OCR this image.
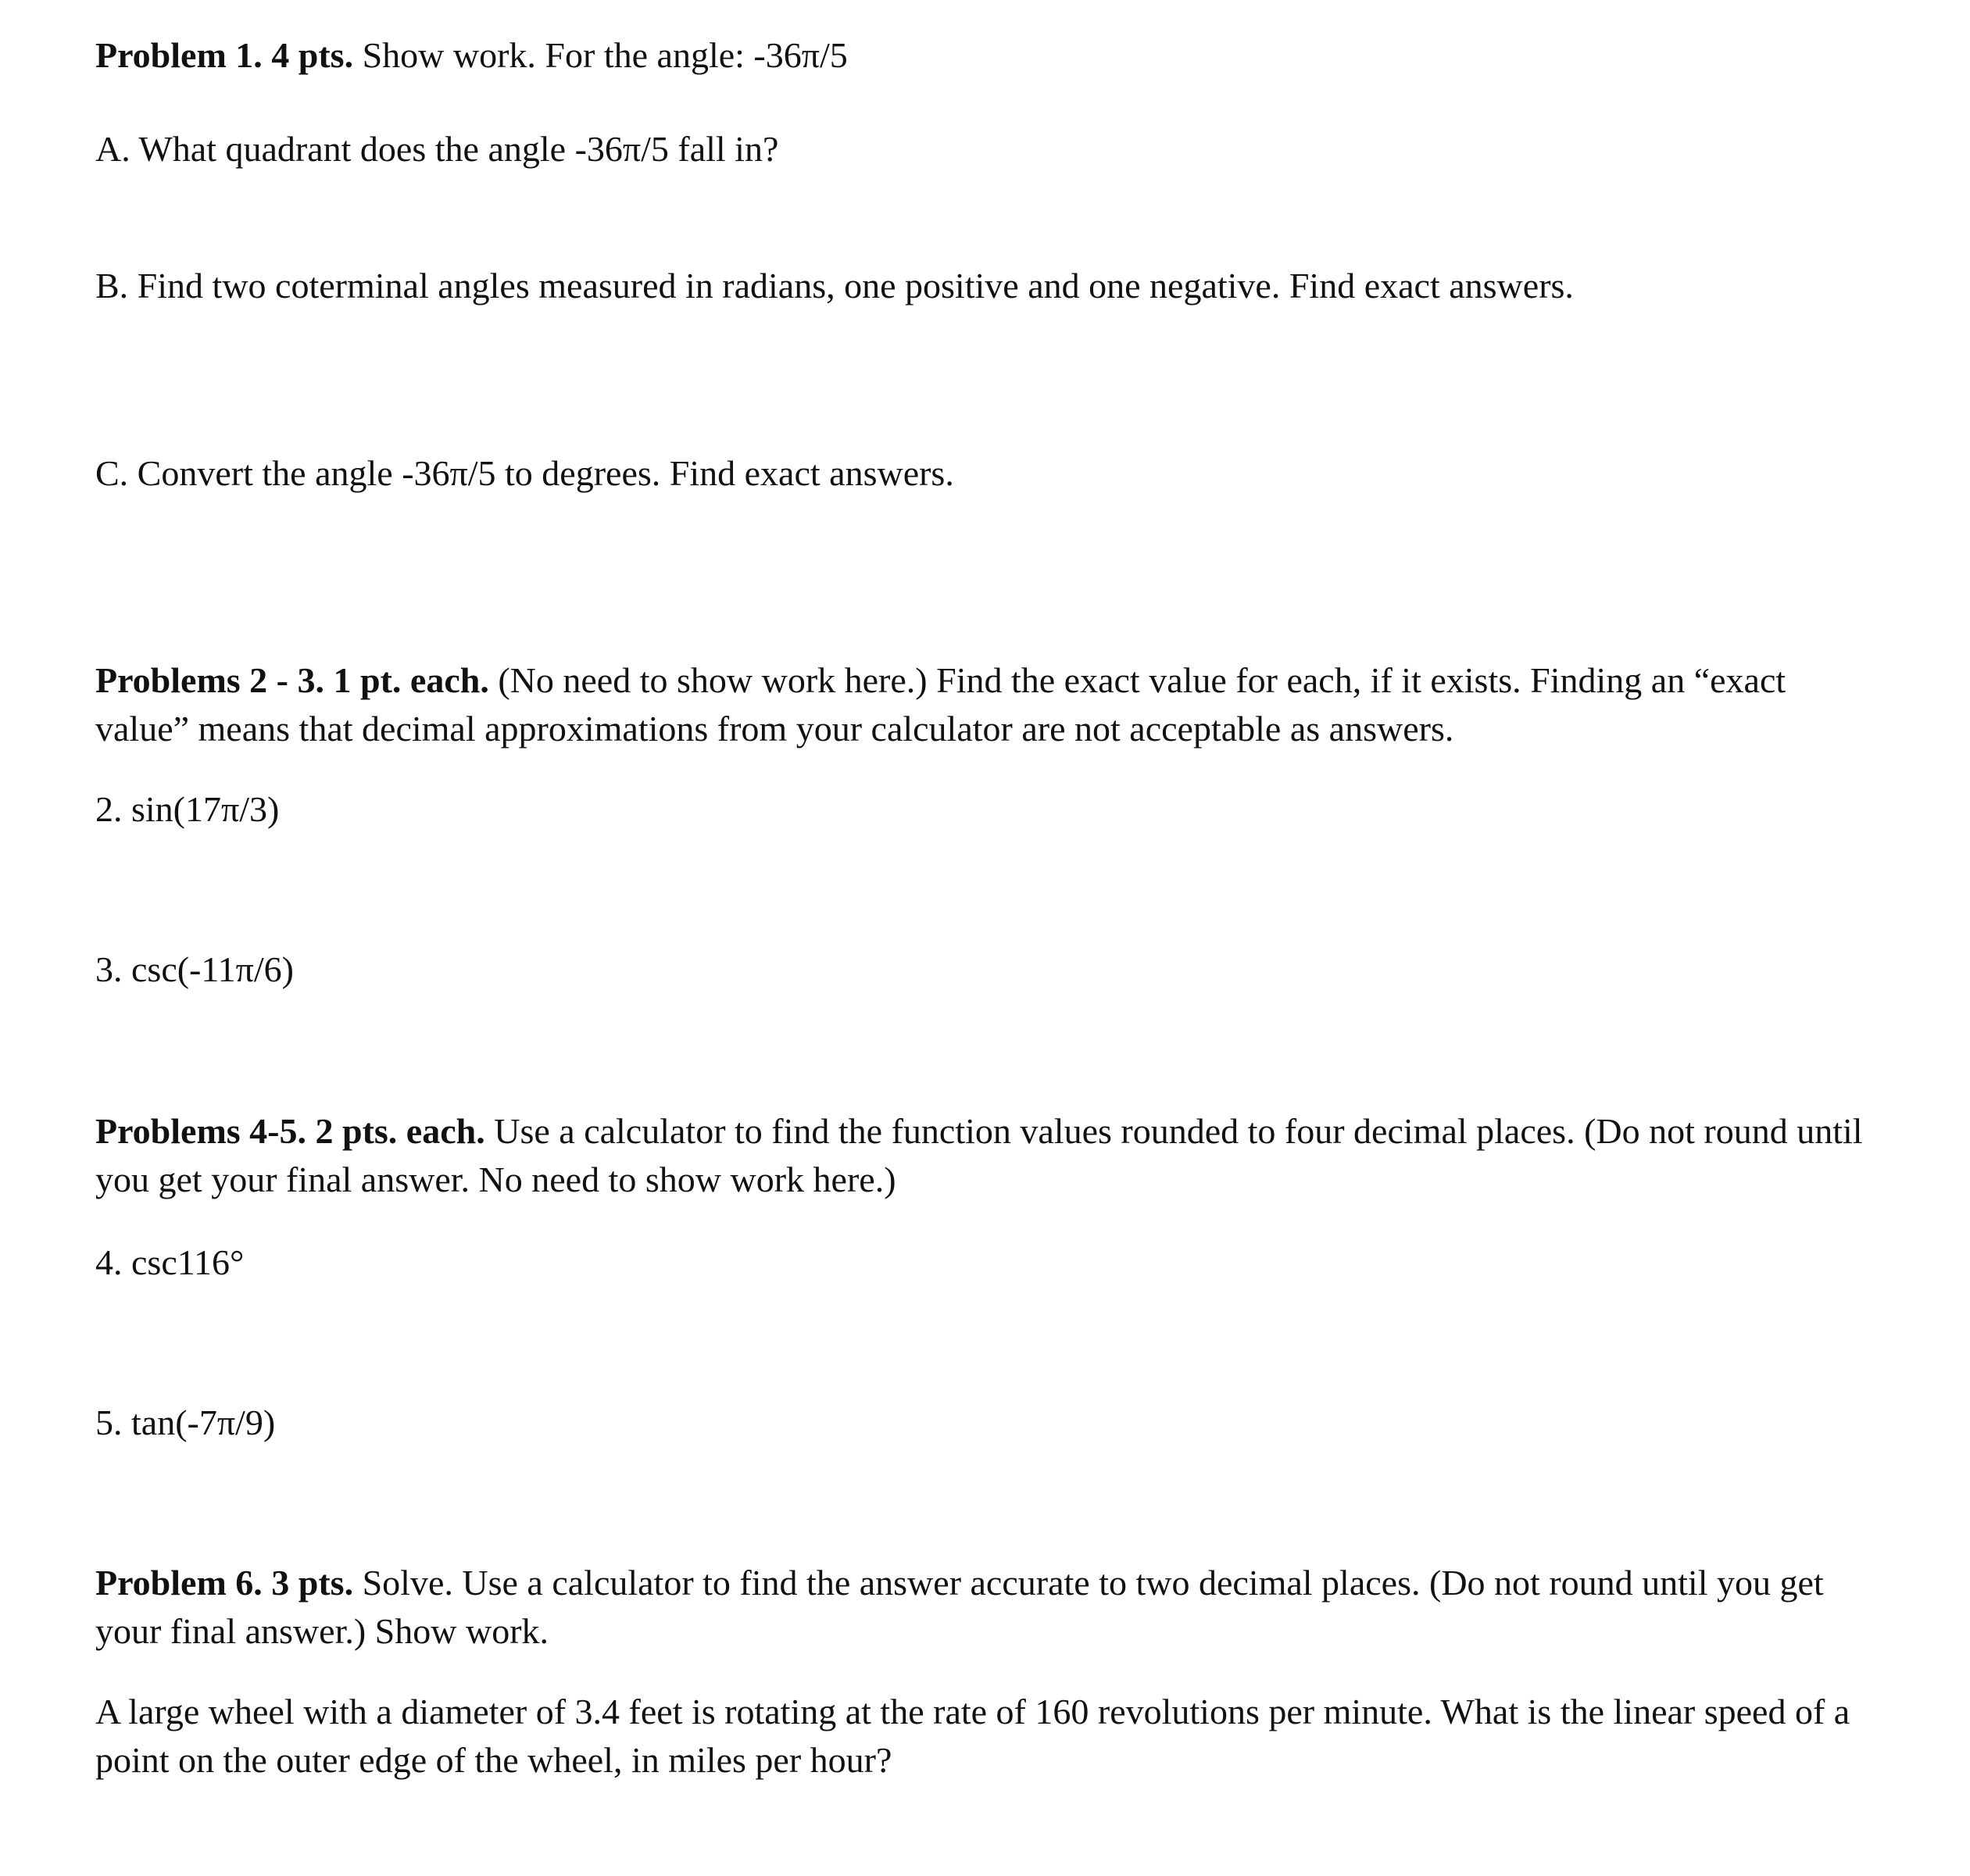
Problem 1. 4 pts. Show work. For the angle: -36π/5

A. What quadrant does the angle -36π/5 fall in?

B. Find two coterminal angles measured in radians, one positive and one negative. Find exact answers.

C. Convert the angle -36π/5 to degrees. Find exact answers.

Problems 2 - 3. 1 pt. each. (No need to show work here.) Find the exact value for each, if it exists. Finding an “exact

value” means that decimal approximations from your calculator are not acceptable as answers.

2. sin(17π/3)

3. csc(-11π/6)

Problems 4-5. 2 pts. each. Use a calculator to find the function values rounded to four decimal places. (Do not round until

you get your final answer. No need to show work here.)

4. csc116°

5. tan(-7π/9)

Problem 6. 3 pts. Solve. Use a calculator to find the answer accurate to two decimal places. (Do not round until you get

your final answer.) Show work.

A large wheel with a diameter of 3.4 feet is rotating at the rate of 160 revolutions per minute. What is the linear speed of a

point on the outer edge of the wheel, in miles per hour?
